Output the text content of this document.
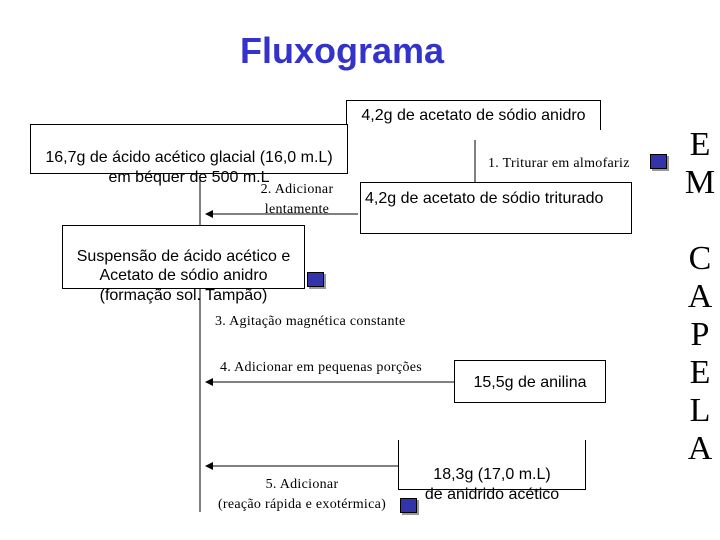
Fluxograma
4,2g de acetato de sódio anidro

16,7g de ácido acético glacial (16,0 m.L)
em béquer de 500 m.L

4,2g de acetato de sódio triturado

Suspensão de ácido acético e
Acetato de sódio anidro
(formação sol. Tampão)

15,5g de anilina

18,3g (17,0 m.L)
de anidrido acético

1. Triturar em almofariz
2. Adicionar
lentamente
3. Agitação magnética constante
4. Adicionar em pequenas porções
5. Adicionar
(reação rápida e exotérmica)
E
M
C
A
P
E
L
A
